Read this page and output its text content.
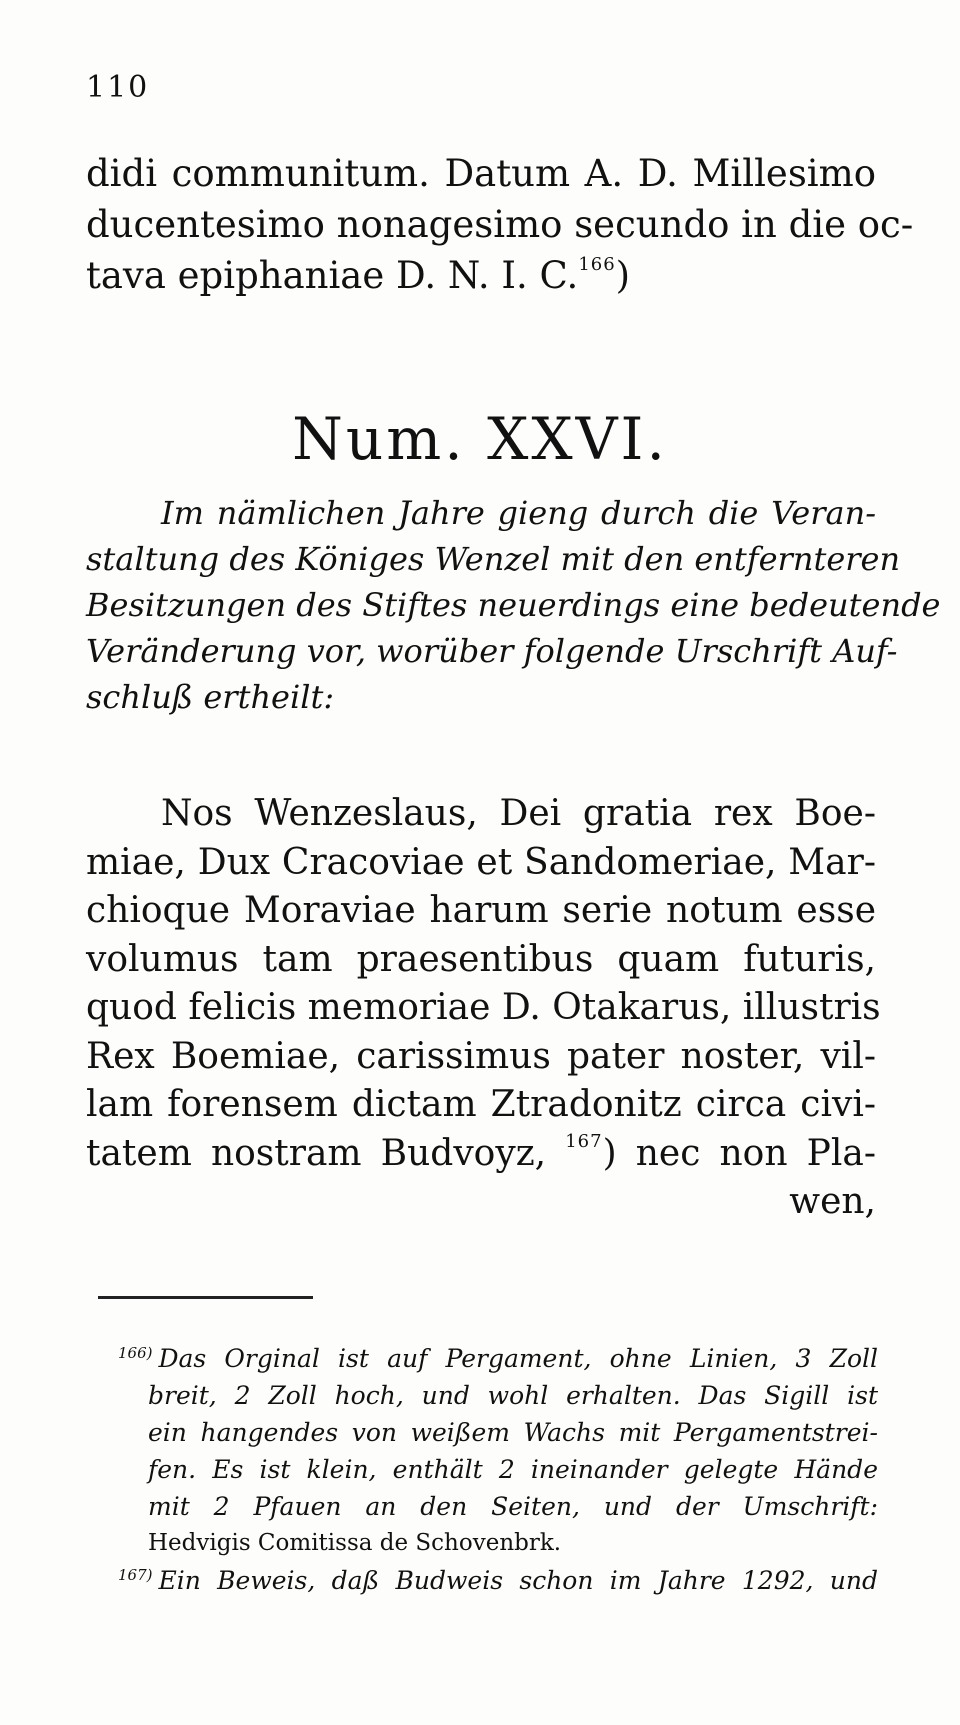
110
didi communitum. Datum A. D. Millesimo
ducentesimo nonagesimo secundo in die oc-
tava epiphaniae D. N. I. C.$^{166}$)
Num. XXVI.
Im nämlichen Jahre gieng durch die Veran-
staltung des Königes Wenzel mit den entfernteren
Besitzungen des Stiftes neuerdings eine bedeutende
Veränderung vor, worüber folgende Urschrift Auf-
schluß ertheilt:
Nos Wenzeslaus, Dei gratia rex Boe-
miae, Dux Cracoviae et Sandomeriae, Mar-
chioque Moraviae harum serie notum esse
volumus tam praesentibus quam futuris,
quod felicis memoriae D. Otakarus, illustris
Rex Boemiae, carissimus pater noster, vil-
lam forensem dictam Ztradonitz circa civi-
tatem nostram Budvoyz, $^{167}$) nec non Pla-
wen,
$^{166)}$ Das Orginal ist auf Pergament, ohne Linien, 3 Zoll
breit, 2 Zoll hoch, und wohl erhalten. Das Sigill ist
ein hangendes von weißem Wachs mit Pergamentstrei-
fen. Es ist klein, enthält 2 ineinander gelegte Hände
mit 2 Pfauen an den Seiten, und der Umschrift:
Hedvigis Comitissa de Schovenbrk.
$^{167)}$ Ein Beweis, daß Budweis schon im Jahre 1292, und
